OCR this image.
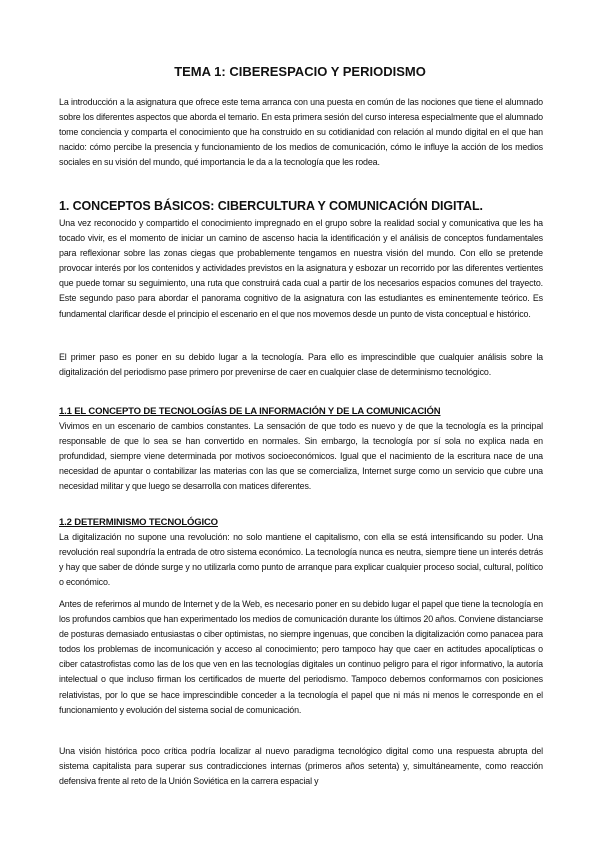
TEMA 1: CIBERESPACIO Y PERIODISMO

La introducción a la asignatura que ofrece este tema arranca con una puesta en común de las nociones que tiene el alumnado sobre los diferentes aspectos que aborda el temario. En esta primera sesión del curso interesa especialmente que el alumnado tome conciencia y comparta el conocimiento que ha construido en su cotidianidad con relación al mundo digital en el que han nacido: cómo percibe la presencia y funcionamiento de los medios de comunicación, cómo le influye la acción de los medios sociales en su visión del mundo, qué importancia le da a la tecnología que les rodea.

1. CONCEPTOS BÁSICOS: CIBERCULTURA Y COMUNICACIÓN DIGITAL.

Una vez reconocido y compartido el conocimiento impregnado en el grupo sobre la realidad social y comunicativa que les ha tocado vivir, es el momento de iniciar un camino de ascenso hacia la identificación y el análisis de conceptos fundamentales para reflexionar sobre las zonas ciegas que probablemente tengamos en nuestra visión del mundo. Con ello se pretende provocar interés por los contenidos y actividades previstos en la asignatura y esbozar un recorrido por las diferentes vertientes que puede tomar su seguimiento, una ruta que construirá cada cual a partir de los necesarios espacios comunes del trayecto. Este segundo paso para abordar el panorama cognitivo de la asignatura con las estudiantes es eminentemente teórico. Es fundamental clarificar desde el principio el escenario en el que nos movemos desde un punto de vista conceptual e histórico.

El primer paso es poner en su debido lugar a la tecnología. Para ello es imprescindible que cualquier análisis sobre la digitalización del periodismo pase primero por prevenirse de caer en cualquier clase de determinismo tecnológico.

1.1 EL CONCEPTO DE TECNOLOGÍAS DE LA INFORMACIÓN Y DE LA COMUNICACIÓN

Vivimos en un escenario de cambios constantes. La sensación de que todo es nuevo y de que la tecnología es la principal responsable de que lo sea se han convertido en normales. Sin embargo, la tecnología por sí sola no explica nada en profundidad, siempre viene determinada por motivos socioeconómicos. Igual que el nacimiento de la escritura nace de una necesidad de apuntar o contabilizar las materias con las que se comercializa, Internet surge como un servicio que cubre una necesidad militar y que luego se desarrolla con matices diferentes.

1.2 DETERMINISMO TECNOLÓGICO

La digitalización no supone una revolución: no solo mantiene el capitalismo, con ella se está intensificando su poder. Una revolución real supondría la entrada de otro sistema económico. La tecnología nunca es neutra, siempre tiene un interés detrás y hay que saber de dónde surge y no utilizarla como punto de arranque para explicar cualquier proceso social, cultural, político o económico.

Antes de referirnos al mundo de Internet y de la Web, es necesario poner en su debido lugar el papel que tiene la tecnología en los profundos cambios que han experimentado los medios de comunicación durante los últimos 20 años. Conviene distanciarse de posturas demasiado entusiastas o ciber optimistas, no siempre ingenuas, que conciben la digitalización como panacea para todos los problemas de incomunicación y acceso al conocimiento; pero tampoco hay que caer en actitudes apocalípticas o ciber catastrofistas como las de los que ven en las tecnologías digitales un continuo peligro para el rigor informativo, la autoría intelectual o que incluso firman los certificados de muerte del periodismo. Tampoco debemos conformarnos con posiciones relativistas, por lo que se hace imprescindible conceder a la tecnología el papel que ni más ni menos le corresponde en el funcionamiento y evolución del sistema social de comunicación.

Una visión histórica poco crítica podría localizar al nuevo paradigma tecnológico digital como una respuesta abrupta del sistema capitalista para superar sus contradicciones internas (primeros años setenta) y, simultáneamente, como reacción defensiva frente al reto de la Unión Soviética en la carrera espacial y
